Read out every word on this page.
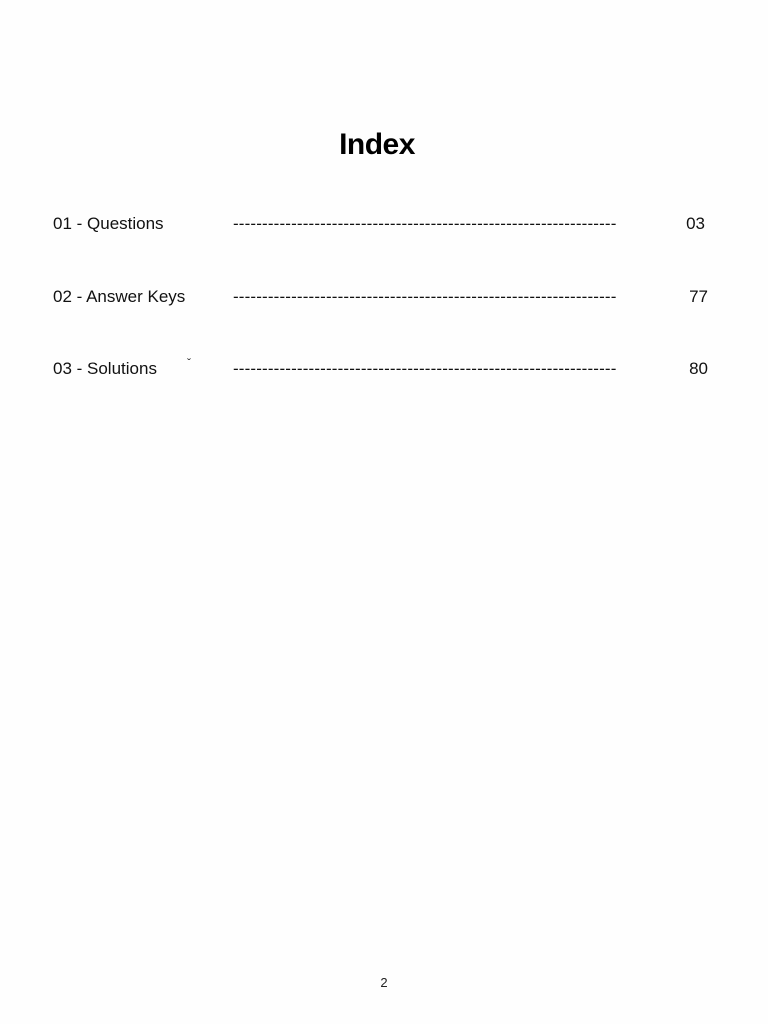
Index
01 - Questions	------------------------------------------------------------------	03
02 - Answer Keys	------------------------------------------------------------------	77
03 - Solutions	ˇ ------------------------------------------------------------------	80
2
